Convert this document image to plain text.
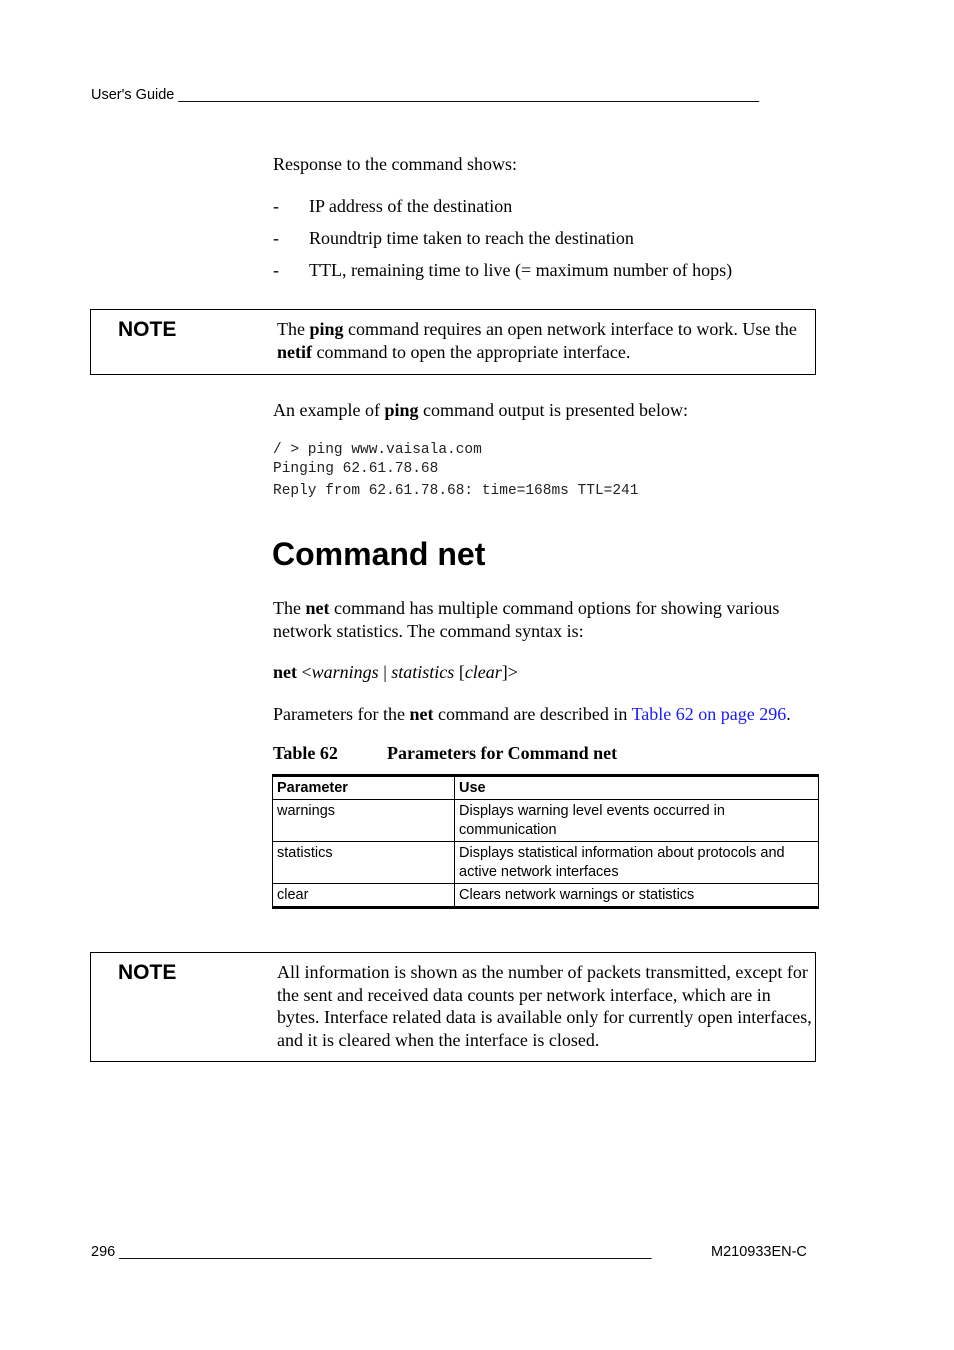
User's Guide ________________________________________________________________________
Response to the command shows:
- IP address of the destination
- Roundtrip time taken to reach the destination
- TTL, remaining time to live (= maximum number of hops)
NOTE	The ping command requires an open network interface to work. Use the netif command to open the appropriate interface.
An example of ping command output is presented below:
/ > ping www.vaisala.com
Pinging 62.61.78.68
Reply from 62.61.78.68: time=168ms TTL=241
Command net
The net command has multiple command options for showing various network statistics. The command syntax is:
net <warnings | statistics [clear]>
Parameters for the net command are described in Table 62 on page 296.
Table 62	Parameters for Command net
Parameter	Use
warnings	Displays warning level events occurred in communication
statistics	Displays statistical information about protocols and active network interfaces
clear	Clears network warnings or statistics
NOTE	All information is shown as the number of packets transmitted, except for the sent and received data counts per network interface, which are in bytes. Interface related data is available only for currently open interfaces, and it is cleared when the interface is closed.
296 __________________________________________________________________	M210933EN-C
